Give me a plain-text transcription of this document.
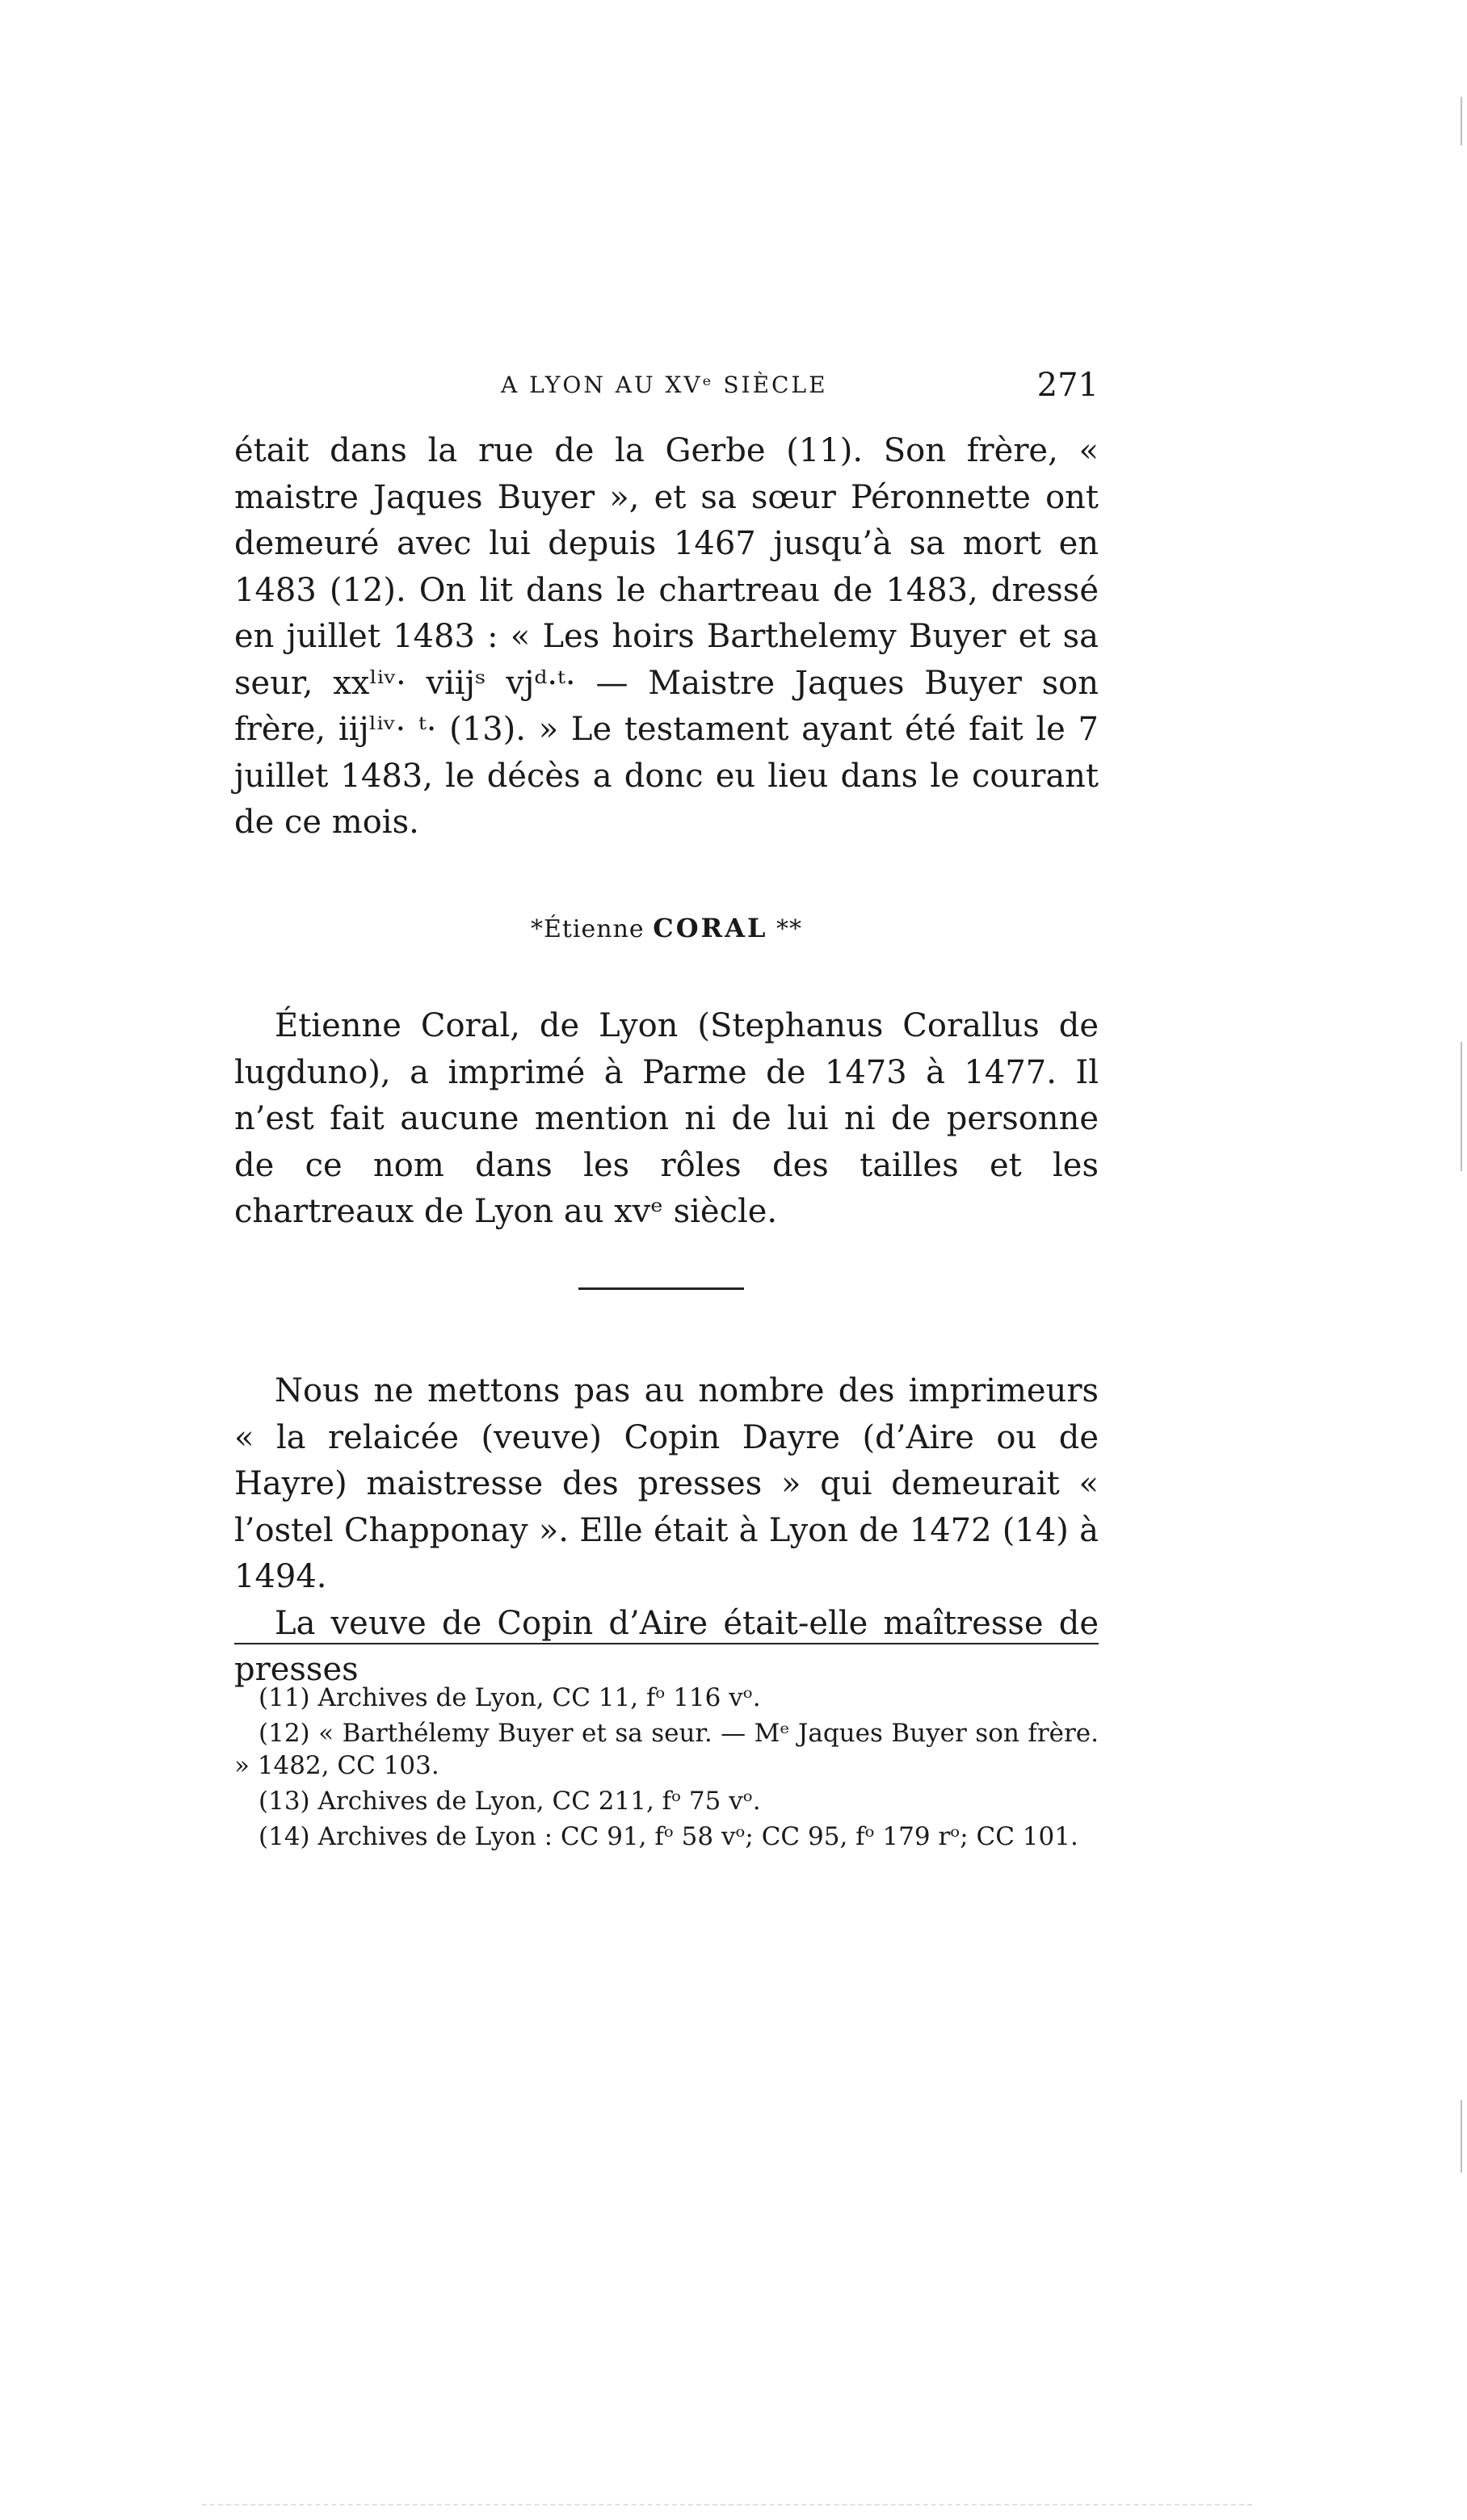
A LYON AU XVᵉ SIÈCLE	271

était dans la rue de la Gerbe (11). Son frère, « maistre Jaques Buyer », et sa sœur Péronnette ont demeuré avec lui depuis 1467 jusqu’à sa mort en 1483 (12). On lit dans le chartreau de 1483, dressé en juillet 1483 : « Les hoirs Barthelemy Buyer et sa seur, xxˡⁱᵛ· viijˢ vjᵈ·ᵗ· — Maistre Jaques Buyer son frère, iijˡⁱᵛ· ᵗ· (13). » Le testament ayant été fait le 7 juillet 1483, le décès a donc eu lieu dans le courant de ce mois.

*Étienne CORAL **

Étienne Coral, de Lyon (Stephanus Corallus de lugduno), a imprimé à Parme de 1473 à 1477. Il n’est fait aucune mention ni de lui ni de personne de ce nom dans les rôles des tailles et les chartreaux de Lyon au xvᵉ siècle.

Nous ne mettons pas au nombre des imprimeurs « la relaicée (veuve) Copin Dayre (d’Aire ou de Hayre) maistresse des presses » qui demeurait « l’ostel Chapponay ». Elle était à Lyon de 1472 (14) à 1494.

La veuve de Copin d’Aire était-elle maîtresse de presses

(11) Archives de Lyon, CC 11, fᵒ 116 vᵒ.

(12) « Barthélemy Buyer et sa seur. — Mᵉ Jaques Buyer son frère. » 1482, CC 103.

(13) Archives de Lyon, CC 211, fᵒ 75 vᵒ.

(14) Archives de Lyon : CC 91, fᵒ 58 vᵒ; CC 95, fᵒ 179 rᵒ; CC 101.
